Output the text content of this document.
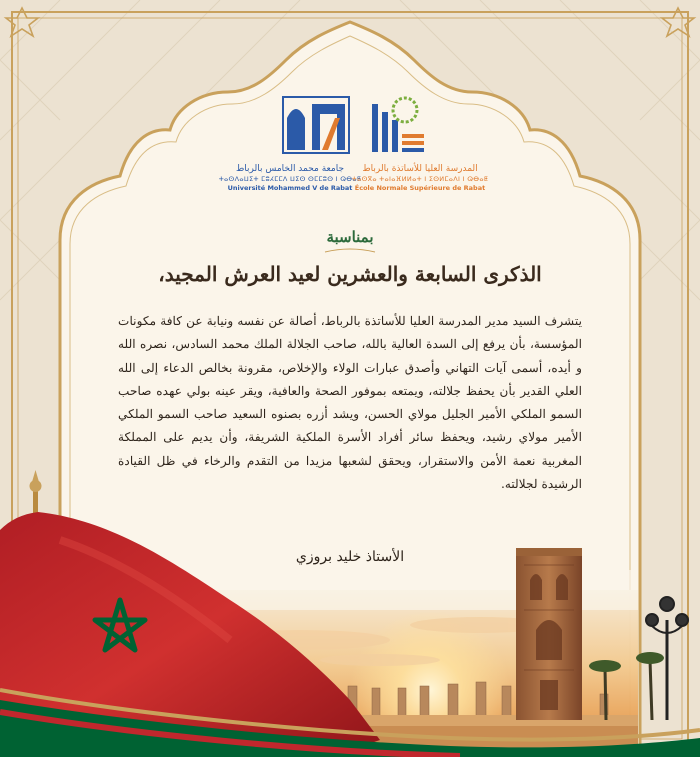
جامعة محمد الخامس بالرباط
ⵜⴰⵙⴷⴰⵡⵉⵜ ⵎⵓⵃⵎⵎⴷ ⵡⵉⵙ ⵙⵎⵎⵓⵙ ⵏ ⵕⴱⴰⵟ
Université Mohammed V de Rabat
المدرسة العليا للأساتذة بالرباط
ⵜⴰⵙⴳⴰ ⵜⴰⵏⴰⴼⵍⵍⴰⵜ ⵏ ⵉⵙⵍⵎⴰⴷⵏ ⵏ ⵕⴱⴰⵟ
École Normale Supérieure de Rabat
بمناسبة
الذكرى السابعة والعشرين لعيد العرش المجيد،
يتشرف السيد مدير المدرسة العليا للأساتذة بالرباط، أصالة عن نفسه ونيابة عن كافة مكونات المؤسسة، بأن يرفع إلى السدة العالية بالله، صاحب الجلالة الملك محمد السادس، نصره الله و أيده، أسمى آيات التهاني وأصدق عبارات الولاء والإخلاص، مقرونة بخالص الدعاء إلى الله العلي القدير بأن يحفظ جلالته، ويمتعه بموفور الصحة والعافية، ويقر عينه بولي عهده صاحب السمو الملكي الأمير الجليل مولاي الحسن، ويشد أزره بصنوه السعيد صاحب السمو الملكي الأمير مولاي رشيد، ويحفظ سائر أفراد الأسرة الملكية الشريفة، وأن يديم على المملكة المغربية نعمة الأمن والاستقرار، ويحقق لشعبها مزيدا من التقدم والرخاء في ظل القيادة الرشيدة لجلالته.
الأستاذ خليد بروزي
